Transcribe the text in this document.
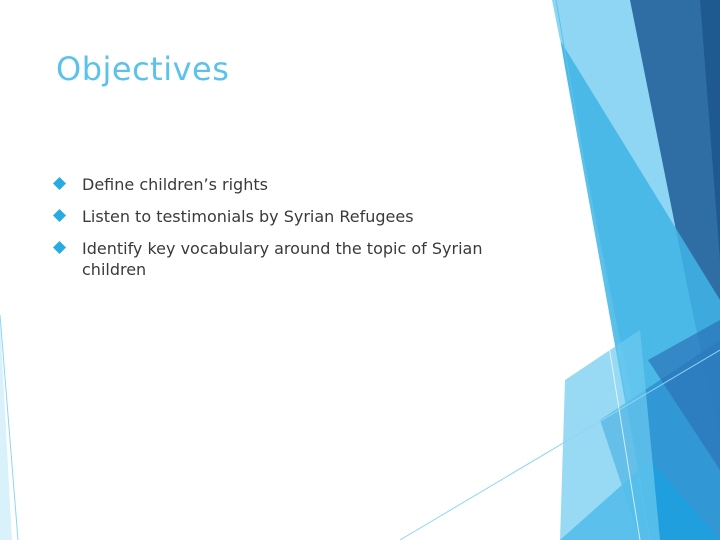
Objectives
Define children’s rights
Listen to testimonials by Syrian Refugees
Identify key vocabulary around the topic of Syrian children
